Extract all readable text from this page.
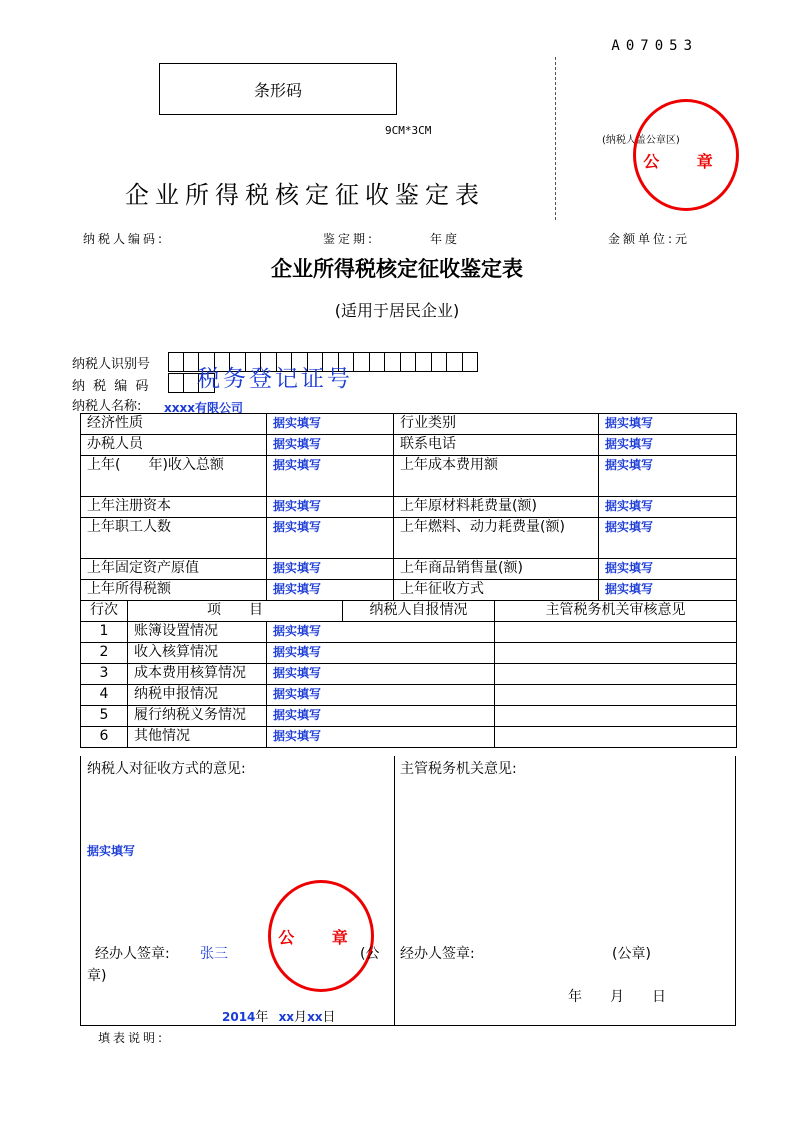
A07053
条形码
9CM*3CM
企业所得税核定征收鉴定表
(纳税人盖公章区)
公 章
纳税人编码:	鉴定期:	年度	金额单位:元
企业所得税核定征收鉴定表
(适用于居民企业)
纳税人识别号
纳 税 编 码 税务登记证号
纳税人名称: xxxx有限公司
经济性质		据实填写		行业类别		据实填写
办税人员		据实填写		联系电话		据实填写
上年(　　年)收入总额		据实填写		上年成本费用额		据实填写
上年注册资本		据实填写		上年原材料耗费量(额)		据实填写
上年职工人数		据实填写		上年燃料、动力耗费量(额)		据实填写
上年固定资产原值		据实填写		上年商品销售量(额)		据实填写
上年所得税额		据实填写		上年征收方式		据实填写
行次	项　　目		纳税人自报情况		主管税务机关审核意见	
1	账簿设置情况	据实填写				
2	收入核算情况	据实填写				
3	成本费用核算情况	据实填写				
4	纳税申报情况	据实填写				
5	履行纳税义务情况	据实填写				
6	其他情况	据实填写				
纳税人对征收方式的意见:
据实填写
公 章
经办人签章: 张三	(公
章)
2014年 xx月xx日
主管税务机关意见:
经办人签章:	(公章)
年　　月　　日
填表说明:
